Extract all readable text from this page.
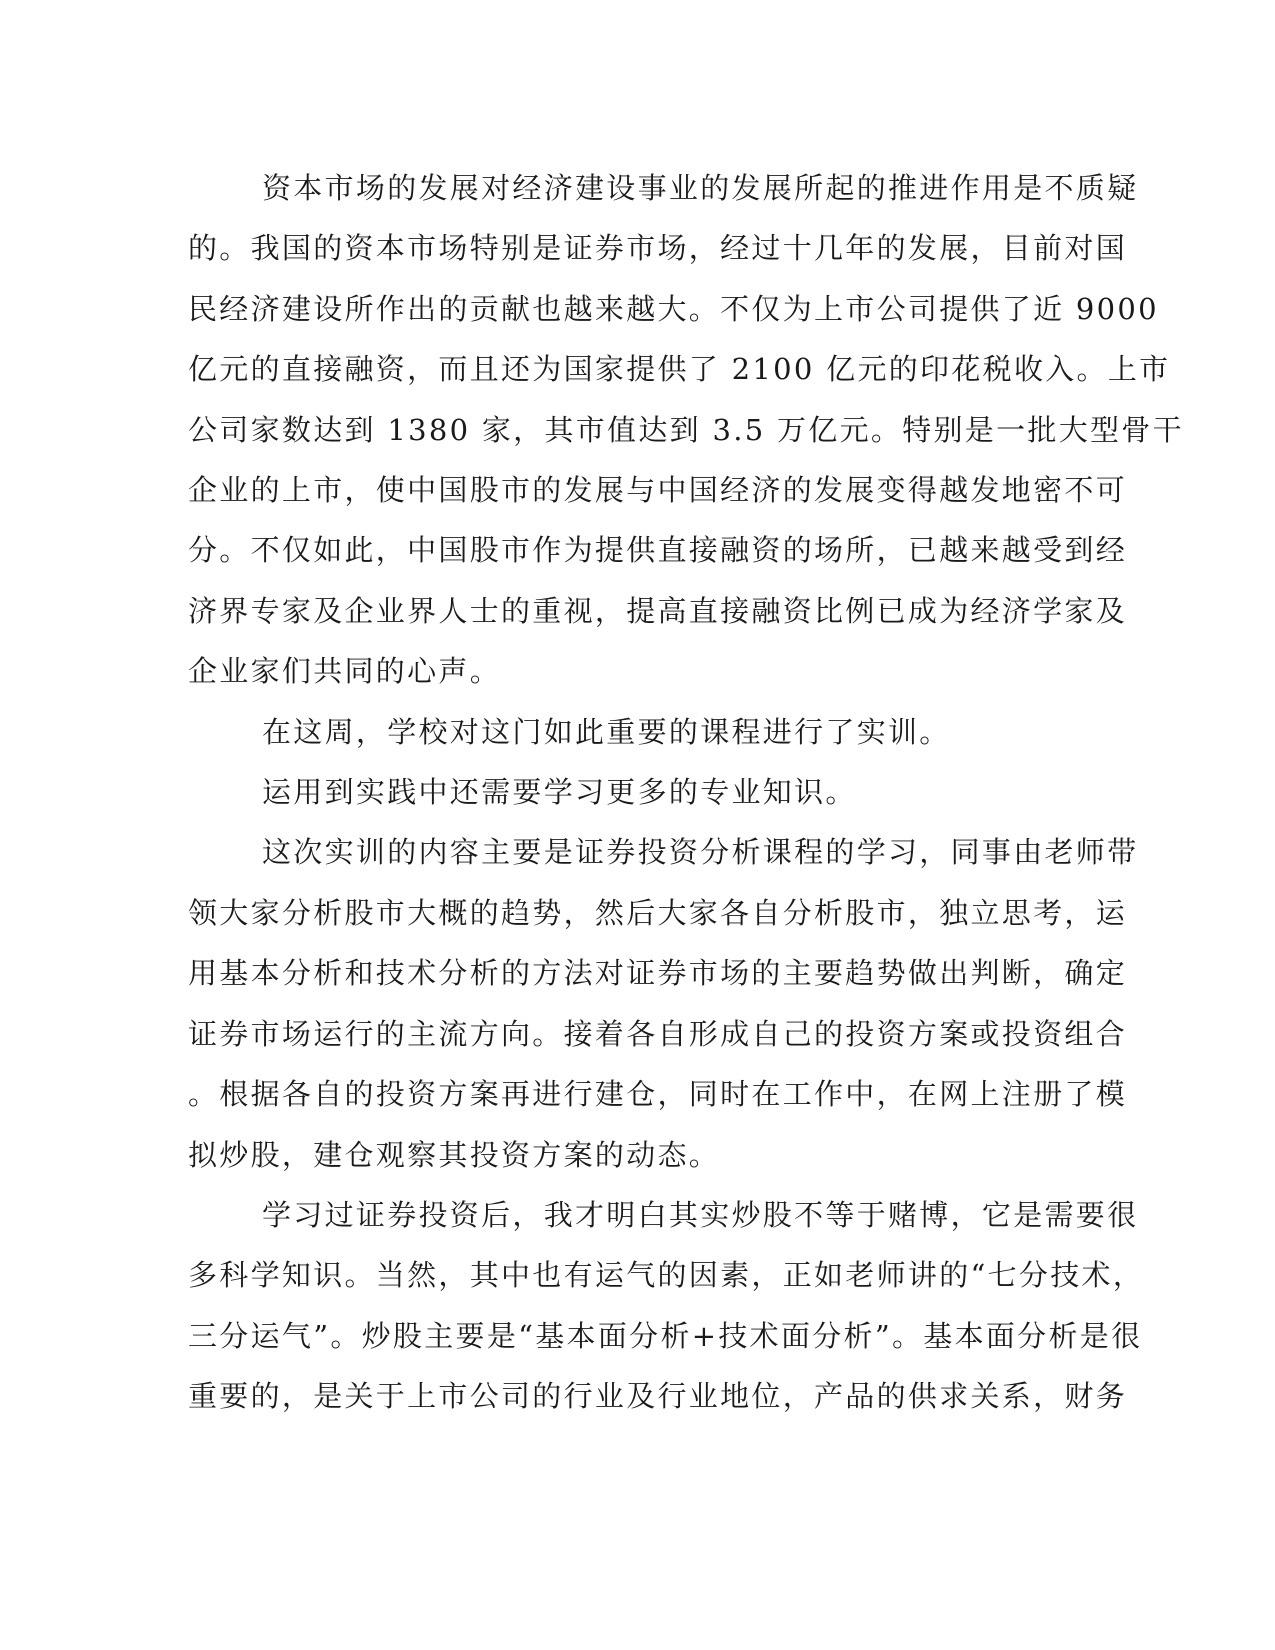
资本市场的发展对经济建设事业的发展所起的推进作用是不质疑
的。我国的资本市场特别是证券市场，经过十几年的发展，目前对国
民经济建设所作出的贡献也越来越大。不仅为上市公司提供了近 9000
亿元的直接融资，而且还为国家提供了 2100 亿元的印花税收入。上市
公司家数达到 1380 家，其市值达到 3.5 万亿元。特别是一批大型骨干
企业的上市，使中国股市的发展与中国经济的发展变得越发地密不可
分。不仅如此，中国股市作为提供直接融资的场所，已越来越受到经
济界专家及企业界人士的重视，提高直接融资比例已成为经济学家及
企业家们共同的心声。

在这周，学校对这门如此重要的课程进行了实训。

运用到实践中还需要学习更多的专业知识。

这次实训的内容主要是证券投资分析课程的学习，同事由老师带
领大家分析股市大概的趋势，然后大家各自分析股市，独立思考，运
用基本分析和技术分析的方法对证券市场的主要趋势做出判断，确定
证券市场运行的主流方向。接着各自形成自己的投资方案或投资组合
。根据各自的投资方案再进行建仓，同时在工作中，在网上注册了模
拟炒股，建仓观察其投资方案的动态。

学习过证券投资后，我才明白其实炒股不等于赌博，它是需要很
多科学知识。当然，其中也有运气的因素，正如老师讲的“七分技术，
三分运气”。炒股主要是“基本面分析+技术面分析”。基本面分析是很
重要的，是关于上市公司的行业及行业地位，产品的供求关系，财务
